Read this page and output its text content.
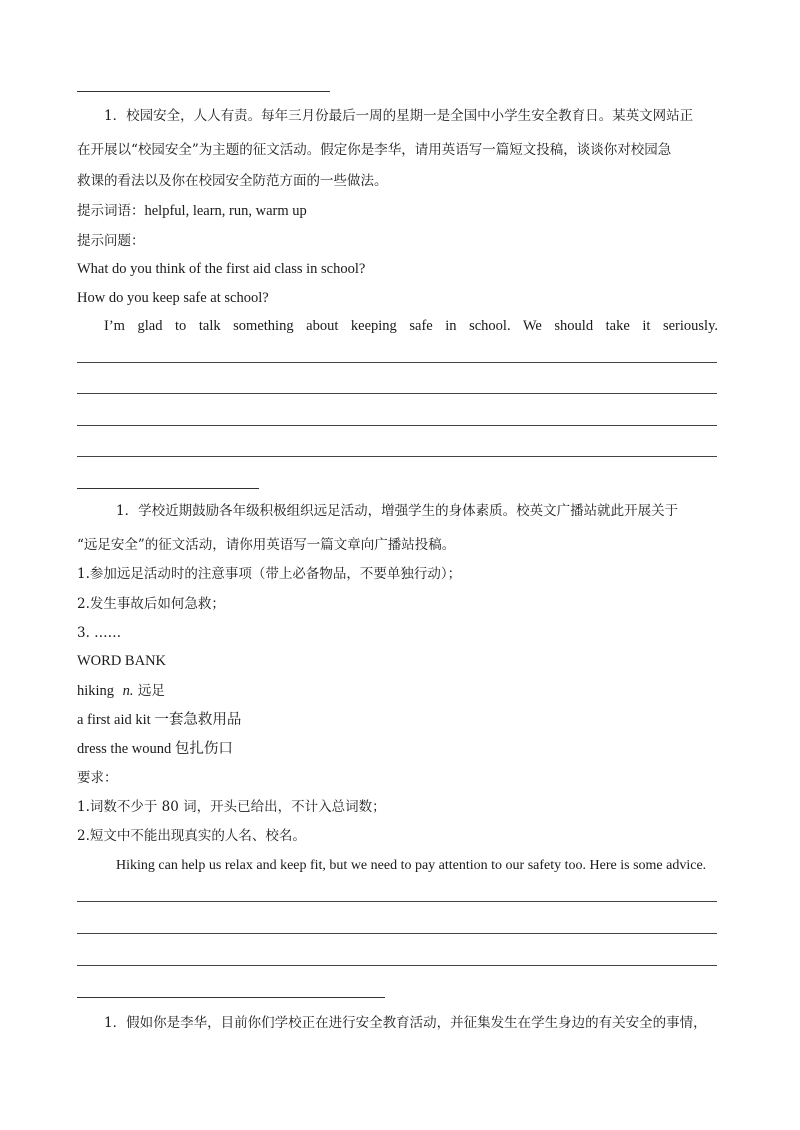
1．校园安全，人人有责。每年三月份最后一周的星期一是全国中小学生安全教育日。某英文网站正
在开展以“校园安全”为主题的征文活动。假定你是李华，请用英语写一篇短文投稿，谈谈你对校园急
救课的看法以及你在校园安全防范方面的一些做法。
提示词语：helpful, learn, run, warm up
提示问题：
What do you think of the first aid class in school?
How do you keep safe at school?
I’m glad to talk something about keeping safe in school. We should take it seriously.
1．学校近期鼓励各年级积极组织远足活动，增强学生的身体素质。校英文广播站就此开展关于
“远足安全”的征文活动，请你用英语写一篇文章向广播站投稿。
1.参加远足活动时的注意事项（带上必备物品，不要单独行动）；
2.发生事故后如何急救；
3. ……
WORD BANK
hiking n. 远足
a first aid kit 一套急救用品
dress the wound 包扎伤口
要求：
1.词数不少于 80 词，开头已给出，不计入总词数；
2.短文中不能出现真实的人名、校名。
Hiking can help us relax and keep fit, but we need to pay attention to our safety too. Here is some advice.
1．假如你是李华，目前你们学校正在进行安全教育活动，并征集发生在学生身边的有关安全的事情，
